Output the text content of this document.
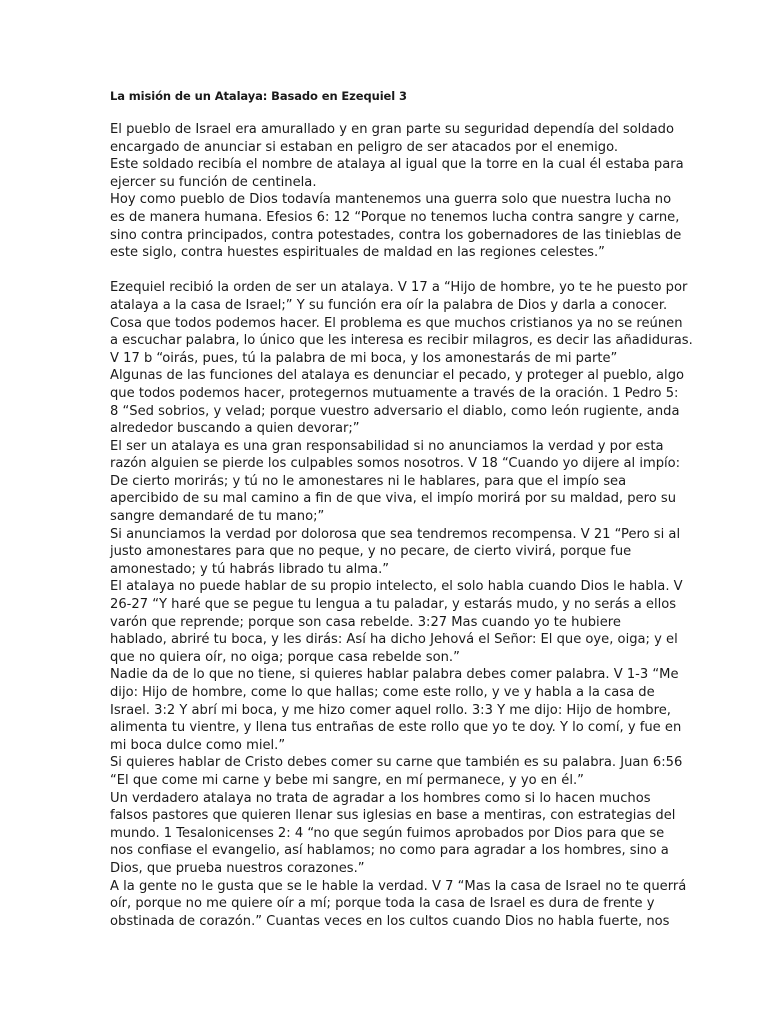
La misión de un Atalaya: Basado en Ezequiel 3
El pueblo de Israel era amurallado y en gran parte su seguridad dependía del soldado
encargado de anunciar si estaban en peligro de ser atacados por el enemigo.
Este soldado recibía el nombre de atalaya al igual que la torre en la cual él estaba para
ejercer su función de centinela.
Hoy como pueblo de Dios todavía mantenemos una guerra solo que nuestra lucha no
es de manera humana. Efesios 6: 12 “Porque no tenemos lucha contra sangre y carne,
sino contra principados, contra potestades, contra los gobernadores de las tinieblas de
este siglo, contra huestes espirituales de maldad en las regiones celestes.”
Ezequiel recibió la orden de ser un atalaya. V 17 a “Hijo de hombre, yo te he puesto por
atalaya a la casa de Israel;” Y su función era oír la palabra de Dios y darla a conocer.
Cosa que todos podemos hacer. El problema es que muchos cristianos ya no se reúnen
a escuchar palabra, lo único que les interesa es recibir milagros, es decir las añadiduras.
V 17 b “oirás, pues, tú la palabra de mi boca, y los amonestarás de mi parte”
Algunas de las funciones del atalaya es denunciar el pecado, y proteger al pueblo, algo
que todos podemos hacer, protegernos mutuamente a través de la oración. 1 Pedro 5:
8 “Sed sobrios, y velad; porque vuestro adversario el diablo, como león rugiente, anda
alrededor buscando a quien devorar;”
El ser un atalaya es una gran responsabilidad si no anunciamos la verdad y por esta
razón alguien se pierde los culpables somos nosotros. V 18 “Cuando yo dijere al impío:
De cierto morirás; y tú no le amonestares ni le hablares, para que el impío sea
apercibido de su mal camino a fin de que viva, el impío morirá por su maldad, pero su
sangre demandaré de tu mano;”
Si anunciamos la verdad por dolorosa que sea tendremos recompensa. V 21 “Pero si al
justo amonestares para que no peque, y no pecare, de cierto vivirá, porque fue
amonestado; y tú habrás librado tu alma.”
El atalaya no puede hablar de su propio intelecto, el solo habla cuando Dios le habla. V
26-27 “Y haré que se pegue tu lengua a tu paladar, y estarás mudo, y no serás a ellos
varón que reprende; porque son casa rebelde. 3:27 Mas cuando yo te hubiere
hablado, abriré tu boca, y les dirás: Así ha dicho Jehová el Señor: El que oye, oiga; y el
que no quiera oír, no oiga; porque casa rebelde son.”
Nadie da de lo que no tiene, si quieres hablar palabra debes comer palabra. V 1-3 “Me
dijo: Hijo de hombre, come lo que hallas; come este rollo, y ve y habla a la casa de
Israel. 3:2 Y abrí mi boca, y me hizo comer aquel rollo. 3:3 Y me dijo: Hijo de hombre,
alimenta tu vientre, y llena tus entrañas de este rollo que yo te doy. Y lo comí, y fue en
mi boca dulce como miel.”
Si quieres hablar de Cristo debes comer su carne que también es su palabra. Juan 6:56
“El que come mi carne y bebe mi sangre, en mí permanece, y yo en él.”
Un verdadero atalaya no trata de agradar a los hombres como si lo hacen muchos
falsos pastores que quieren llenar sus iglesias en base a mentiras, con estrategias del
mundo. 1 Tesalonicenses 2: 4 “no que según fuimos aprobados por Dios para que se
nos confiase el evangelio, así hablamos; no como para agradar a los hombres, sino a
Dios, que prueba nuestros corazones.”
A la gente no le gusta que se le hable la verdad. V 7 “Mas la casa de Israel no te querrá
oír, porque no me quiere oír a mí; porque toda la casa de Israel es dura de frente y
obstinada de corazón.” Cuantas veces en los cultos cuando Dios no habla fuerte, nos
